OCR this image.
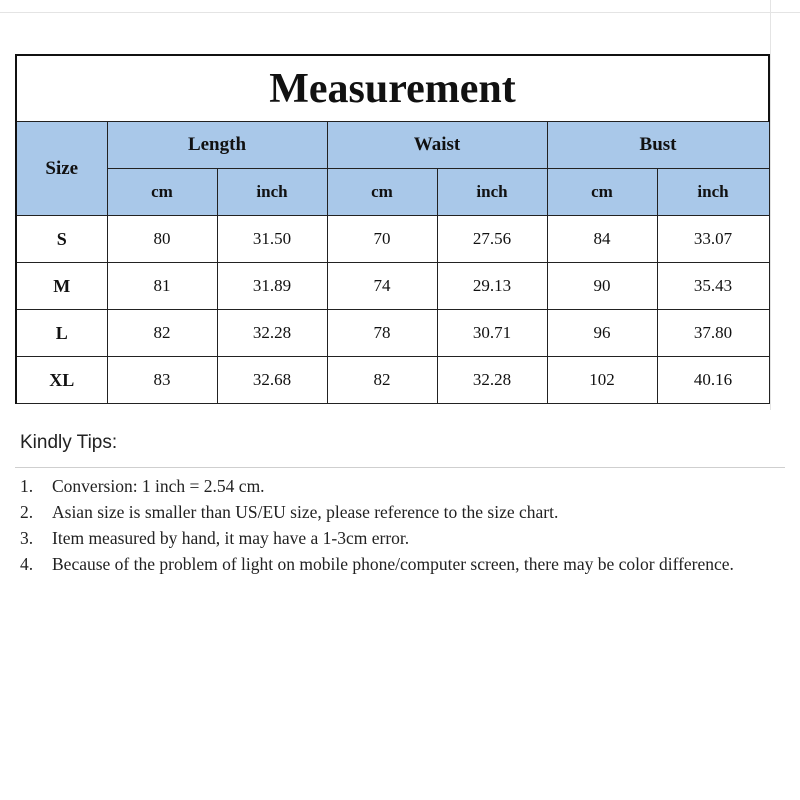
Measurement						
Size	Length		Waist		Bust	
	cm	inch	cm	inch	cm	inch
S	80	31.50	70	27.56	84	33.07
M	81	31.89	74	29.13	90	35.43
L	82	32.28	78	30.71	96	37.80
XL	83	32.68	82	32.28	102	40.16
Kindly Tips:
1.	Conversion: 1 inch = 2.54 cm.
2.	Asian size is smaller than US/EU size, please reference to the size chart.
3.	Item measured by hand, it may have a 1-3cm error.
4.	Because of the problem of light on mobile phone/computer screen, there may be color difference.
